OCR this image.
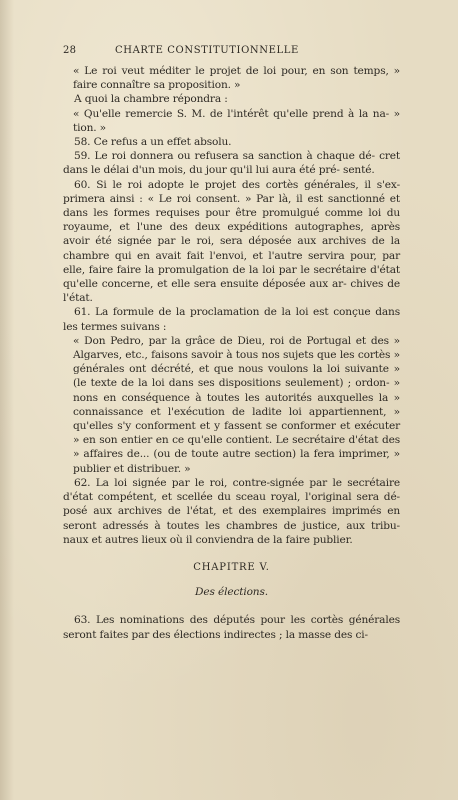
28	CHARTE CONSTITUTIONNELLE

« Le roi veut méditer le projet de loi pour, en son temps, » faire connaître sa proposition. »

A quoi la chambre répondra :

« Qu'elle remercie S. M. de l'intérêt qu'elle prend à la na- » tion. »

58. Ce refus a un effet absolu.

59. Le roi donnera ou refusera sa sanction à chaque dé- cret dans le délai d'un mois, du jour qu'il lui aura été pré- senté.

60. Si le roi adopte le projet des cortès générales, il s'ex- primera ainsi : « Le roi consent. » Par là, il est sanctionné et dans les formes requises pour être promulgué comme loi du royaume, et l'une des deux expéditions autographes, après avoir été signée par le roi, sera déposée aux archives de la chambre qui en avait fait l'envoi, et l'autre servira pour, par elle, faire faire la promulgation de la loi par le secrétaire d'état qu'elle concerne, et elle sera ensuite déposée aux ar- chives de l'état.

61. La formule de la proclamation de la loi est conçue dans les termes suivans :

« Don Pedro, par la grâce de Dieu, roi de Portugal et des » Algarves, etc., faisons savoir à tous nos sujets que les cortès » générales ont décrété, et que nous voulons la loi suivante » (le texte de la loi dans ses dispositions seulement) ; ordon- » nons en conséquence à toutes les autorités auxquelles la » connaissance et l'exécution de ladite loi appartiennent, » qu'elles s'y conforment et y fassent se conformer et exécuter » en son entier en ce qu'elle contient. Le secrétaire d'état des » affaires de... (ou de toute autre section) la fera imprimer, » publier et distribuer. »

62. La loi signée par le roi, contre-signée par le secrétaire d'état compétent, et scellée du sceau royal, l'original sera dé- posé aux archives de l'état, et des exemplaires imprimés en seront adressés à toutes les chambres de justice, aux tribu- naux et autres lieux où il conviendra de la faire publier.

CHAPITRE V.
Des élections.

63. Les nominations des députés pour les cortès générales seront faites par des élections indirectes ; la masse des ci-
